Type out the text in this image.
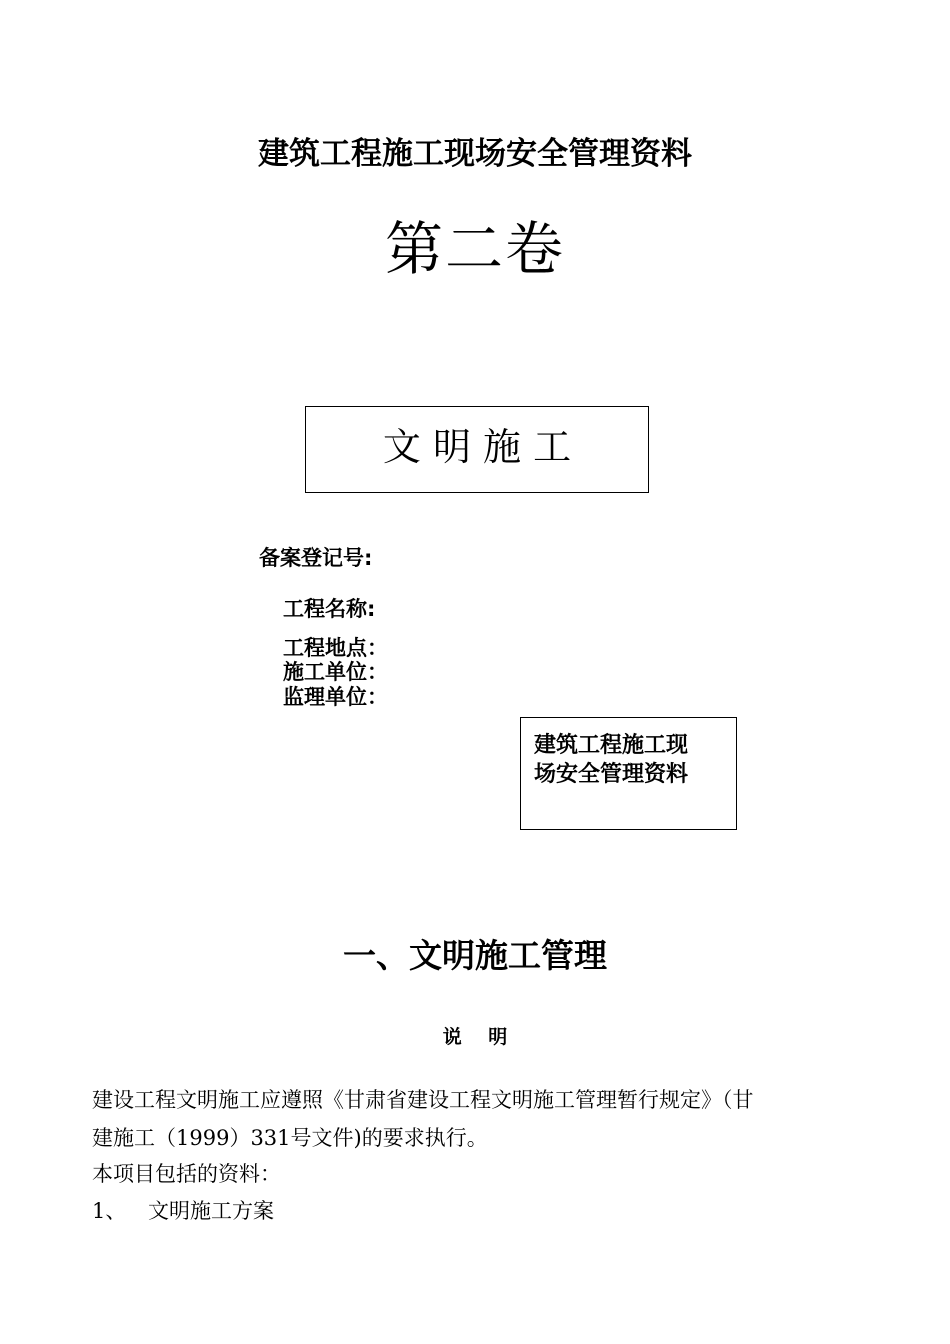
建筑工程施工现场安全管理资料
第二卷
文 明 施 工
备案登记号:
工程名称:
工程地点：
施工单位：
监理单位：
建筑工程施工现
场安全管理资料
一、文明施工管理
说 明
建设工程文明施工应遵照《甘肃省建设工程文明施工管理暂行规定》（甘
建施工（1999）331号文件)的要求执行。
本项目包括的资料：
1、 文明施工方案
